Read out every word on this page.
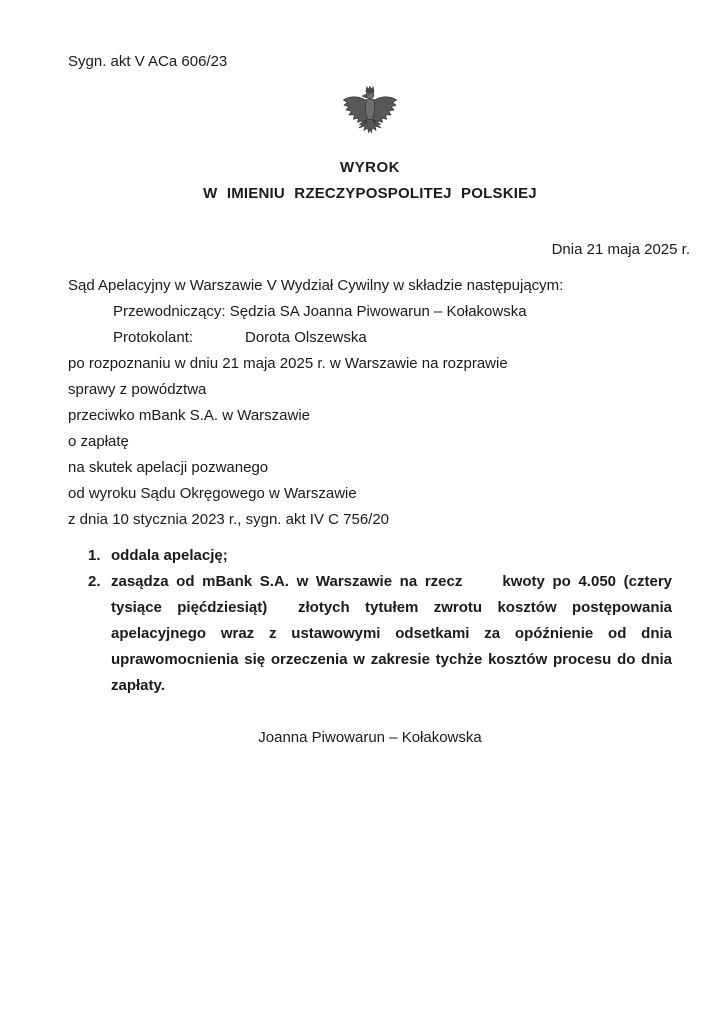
Sygn. akt V ACa 606/23
WYROK
W IMIENIU RZECZYPOSPOLITEJ POLSKIEJ
Dnia 21 maja 2025 r.
Sąd Apelacyjny w Warszawie V Wydział Cywilny w składzie następującym:
Przewodniczący: Sędzia SA Joanna Piwowarun – Kołakowska
Protokolant:	Dorota Olszewska
po rozpoznaniu w dniu 21 maja 2025 r. w Warszawie na rozprawie
sprawy z powództwa
przeciwko mBank S.A. w Warszawie
o zapłatę
na skutek apelacji pozwanego
od wyroku Sądu Okręgowego w Warszawie
z dnia 10 stycznia 2023 r., sygn. akt IV C 756/20
1. oddala apelację;
2. zasądza od mBank S.A. w Warszawie na rzecz	kwoty po 4.050 (cztery tysiące pięćdziesiąt)  złotych tytułem zwrotu kosztów postępowania apelacyjnego wraz z ustawowymi odsetkami za opóźnienie od dnia uprawomocnienia się orzeczenia w zakresie tychże kosztów procesu do dnia zapłaty.
Joanna Piwowarun – Kołakowska
